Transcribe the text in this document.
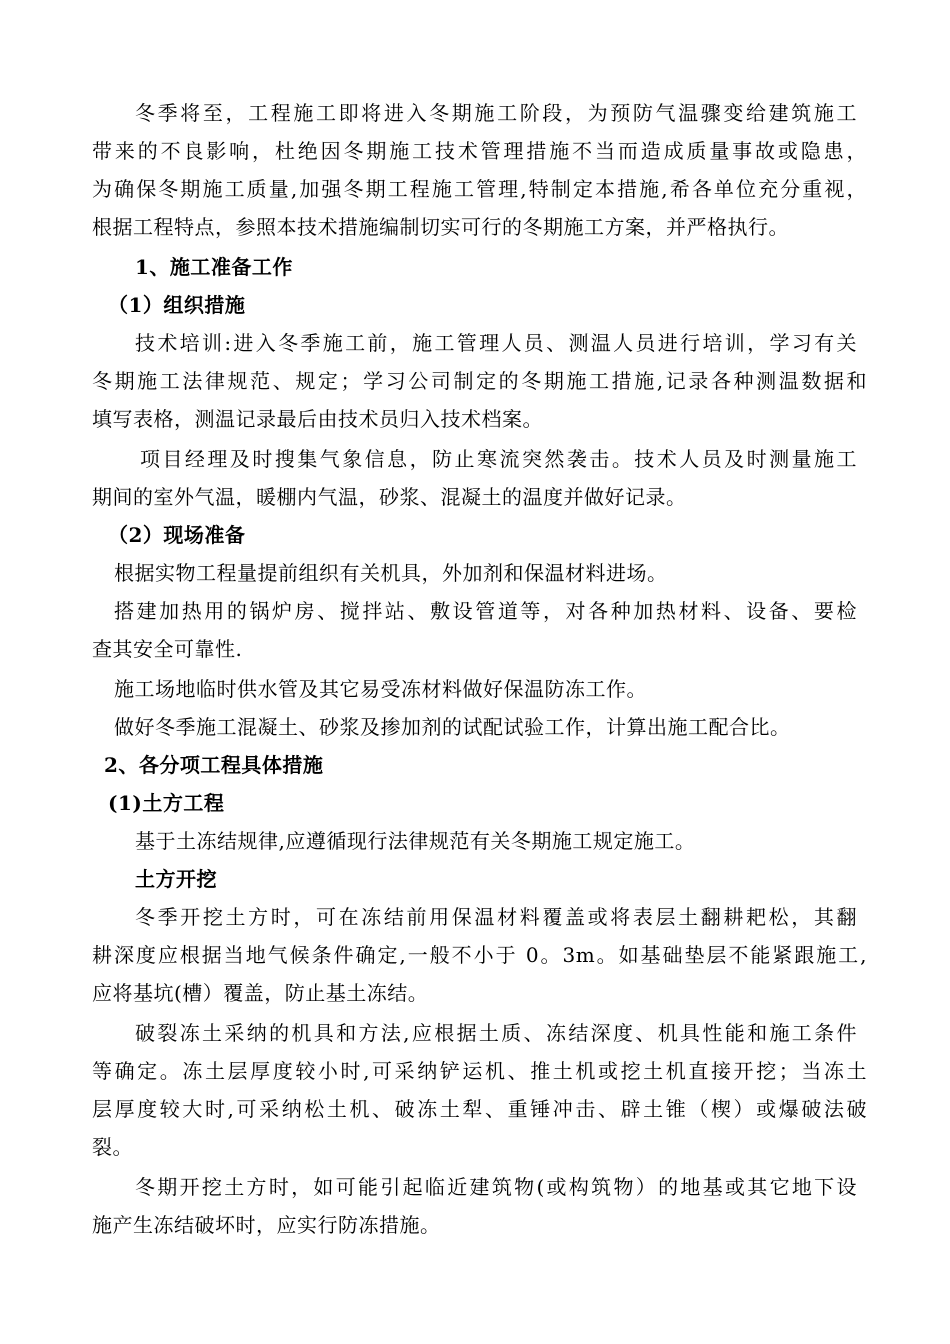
冬季将至，工程施工即将进入冬期施工阶段，为预防气温骤变给建筑施工
带来的不良影响，杜绝因冬期施工技术管理措施不当而造成质量事故或隐患，
为确保冬期施工质量,加强冬期工程施工管理,特制定本措施,希各单位充分重视，
根据工程特点，参照本技术措施编制切实可行的冬期施工方案，并严格执行。
1、施工准备工作
（1）组织措施
技术培训:进入冬季施工前，施工管理人员、测温人员进行培训，学习有关
冬期施工法律规范、规定；学习公司制定的冬期施工措施,记录各种测温数据和
填写表格，测温记录最后由技术员归入技术档案。
项目经理及时搜集气象信息，防止寒流突然袭击。技术人员及时测量施工
期间的室外气温，暖棚内气温，砂浆、混凝土的温度并做好记录。
（2）现场准备
根据实物工程量提前组织有关机具，外加剂和保温材料进场。
搭建加热用的锅炉房、搅拌站、敷设管道等，对各种加热材料、设备、要检
查其安全可靠性.
施工场地临时供水管及其它易受冻材料做好保温防冻工作。
做好冬季施工混凝土、砂浆及掺加剂的试配试验工作，计算出施工配合比。
2、各分项工程具体措施
(1)土方工程
基于土冻结规律,应遵循现行法律规范有关冬期施工规定施工。
土方开挖
冬季开挖土方时，可在冻结前用保温材料覆盖或将表层土翻耕耙松，其翻
耕深度应根据当地气候条件确定,一般不小于 0。3m。如基础垫层不能紧跟施工,
应将基坑(槽）覆盖，防止基土冻结。
破裂冻土采纳的机具和方法,应根据土质、冻结深度、机具性能和施工条件
等确定。冻土层厚度较小时,可采纳铲运机、推土机或挖土机直接开挖；当冻土
层厚度较大时,可采纳松土机、破冻土犁、重锤冲击、辟土锥（楔）或爆破法破
裂。
冬期开挖土方时，如可能引起临近建筑物(或构筑物）的地基或其它地下设
施产生冻结破坏时，应实行防冻措施。
